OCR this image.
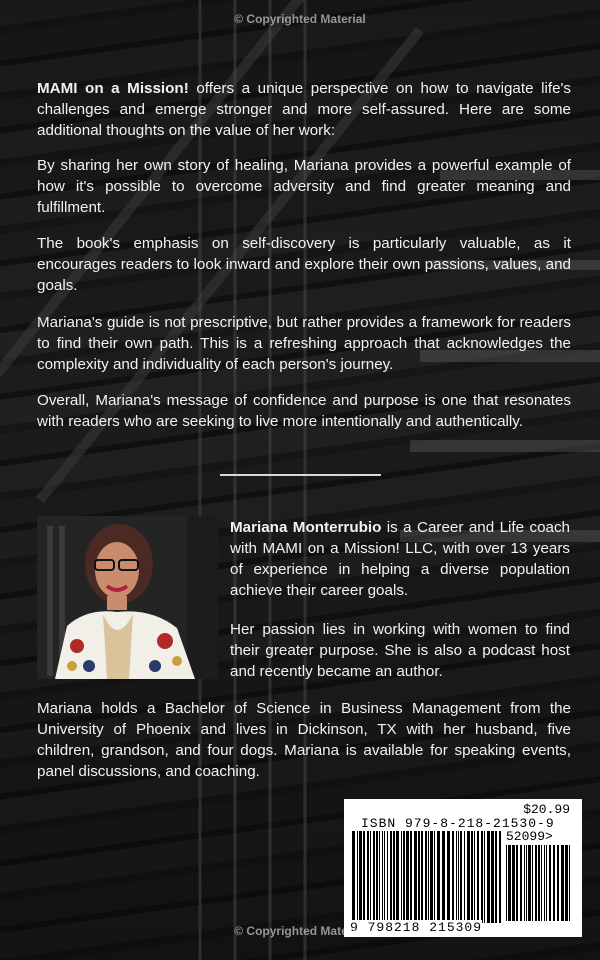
© Copyrighted Material

MAMI on a Mission! offers a unique perspective on how to navigate life's challenges and emerge stronger and more self-assured. Here are some additional thoughts on the value of her work:

By sharing her own story of healing, Mariana provides a powerful example of how it's possible to overcome adversity and find greater meaning and fulfillment.

The book's emphasis on self-discovery is particularly valuable, as it encourages readers to look inward and explore their own passions, values, and goals.

Mariana's guide is not prescriptive, but rather provides a framework for readers to find their own path. This is a refreshing approach that acknowledges the complexity and individuality of each person's journey.

Overall, Mariana's message of confidence and purpose is one that resonates with readers who are seeking to live more intentionally and authentically.

Mariana Monterrubio is a Career and Life coach with MAMI on a Mission! LLC, with over 13 years of experience in helping a diverse population achieve their career goals.

Her passion lies in working with women to find their greater purpose. She is also a podcast host and recently became an author.

Mariana holds a Bachelor of Science in Business Management from the University of Phoenix and lives in Dickinson, TX with her husband, five children, grandson, and four dogs. Mariana is available for speaking events, panel discussions, and coaching.

$20.99
ISBN 979-8-218-21530-9
52099>
9 798218 215309
© Copyrighted Material
